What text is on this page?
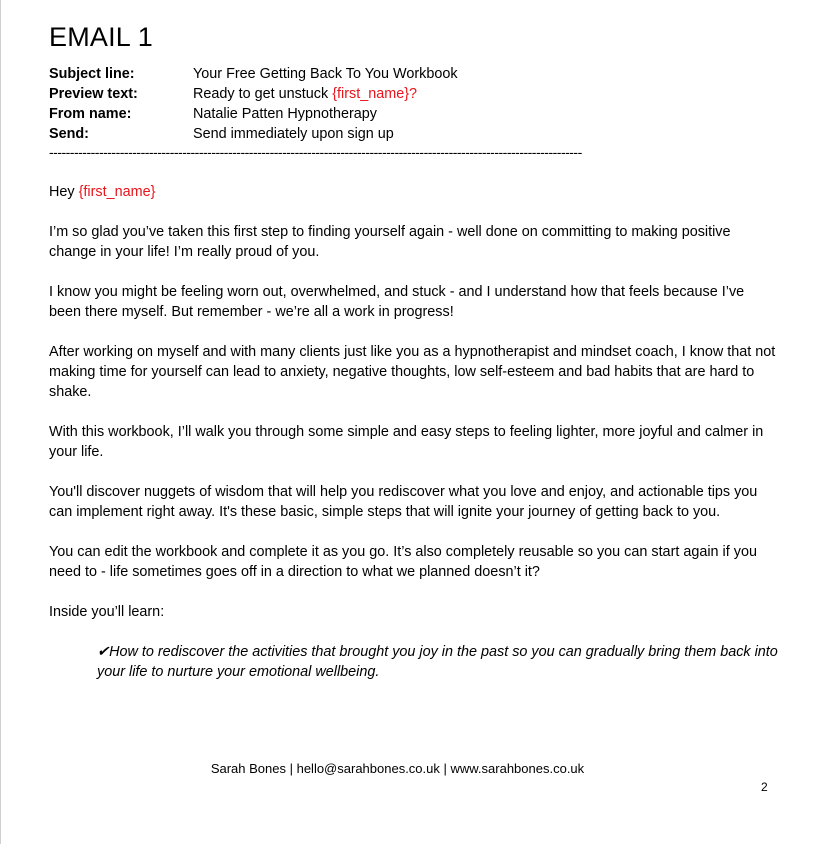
EMAIL 1
Subject line:	Your Free Getting Back To You Workbook
Preview text:	Ready to get unstuck {first_name}?
From name:	Natalie Patten Hypnotherapy
Send:	Send immediately upon sign up
--------------------------------------------------------------------------------------------------------------------------------

Hey {first_name}

I’m so glad you’ve taken this first step to finding yourself again - well done on committing to making positive change in your life! I’m really proud of you.

I know you might be feeling worn out, overwhelmed, and stuck - and I understand how that feels because I’ve been there myself. But remember - we’re all a work in progress!

After working on myself and with many clients just like you as a hypnotherapist and mindset coach, I know that not making time for yourself can lead to anxiety, negative thoughts, low self-esteem and bad habits that are hard to shake.

With this workbook, I’ll walk you through some simple and easy steps to feeling lighter, more joyful and calmer in your life.

You'll discover nuggets of wisdom that will help you rediscover what you love and enjoy, and actionable tips you can implement right away. It's these basic, simple steps that will ignite your journey of getting back to you.

You can edit the workbook and complete it as you go. It’s also completely reusable so you can start again if you need to - life sometimes goes off in a direction to what we planned doesn’t it?

Inside you’ll learn:

✔How to rediscover the activities that brought you joy in the past so you can gradually bring them back into your life to nurture your emotional wellbeing.
Sarah Bones | hello@sarahbones.co.uk | www.sarahbones.co.uk
2
